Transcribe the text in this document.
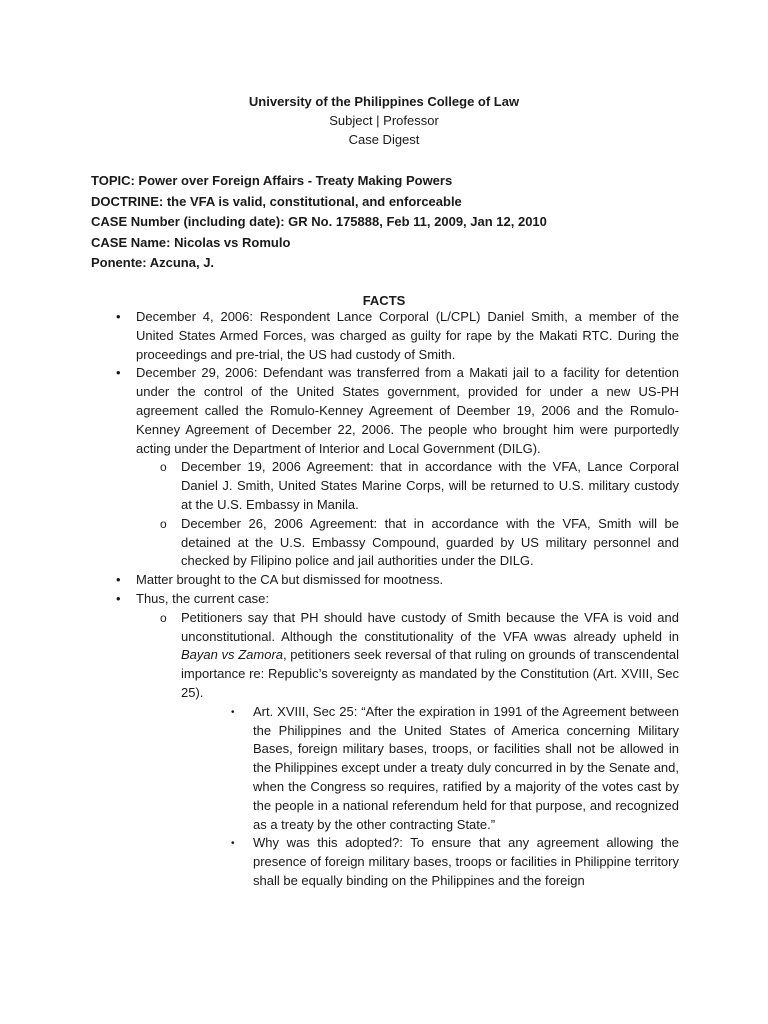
University of the Philippines College of Law
Subject | Professor
Case Digest
TOPIC: Power over Foreign Affairs - Treaty Making Powers
DOCTRINE: the VFA is valid, constitutional, and enforceable
CASE Number (including date): GR No. 175888, Feb 11, 2009, Jan 12, 2010
CASE Name: Nicolas vs Romulo
Ponente: Azcuna, J.
FACTS
•	December 4, 2006: Respondent Lance Corporal (L/CPL) Daniel Smith, a member of the United States Armed Forces, was charged as guilty for rape by the Makati RTC. During the proceedings and pre-trial, the US had custody of Smith.

•	December 29, 2006: Defendant was transferred from a Makati jail to a facility for detention under the control of the United States government, provided for under a new US-PH agreement called the Romulo-Kenney Agreement of Deember 19, 2006 and the Romulo-Kenney Agreement of December 22, 2006. The people who brought him were purportedly acting under the Department of Interior and Local Government (DILG).

o	December 19, 2006 Agreement: that in accordance with the VFA, Lance Corporal Daniel J. Smith, United States Marine Corps, will be returned to U.S. military custody at the U.S. Embassy in Manila.

o	December 26, 2006 Agreement: that in accordance with the VFA, Smith will be detained at the U.S. Embassy Compound, guarded by US military personnel and checked by Filipino police and jail authorities under the DILG.

•	Matter brought to the CA but dismissed for mootness.

•	Thus, the current case:

o	Petitioners say that PH should have custody of Smith because the VFA is void and unconstitutional. Although the constitutionality of the VFA wwas already upheld in Bayan vs Zamora, petitioners seek reversal of that ruling on grounds of transcendental importance re: Republic’s sovereignty as mandated by the Constitution (Art. XVIII, Sec 25).

•	Art. XVIII, Sec 25: “After the expiration in 1991 of the Agreement between the Philippines and the United States of America concerning Military Bases, foreign military bases, troops, or facilities shall not be allowed in the Philippines except under a treaty duly concurred in by the Senate and, when the Congress so requires, ratified by a majority of the votes cast by the people in a national referendum held for that purpose, and recognized as a treaty by the other contracting State.”

•	Why was this adopted?: To ensure that any agreement allowing the presence of foreign military bases, troops or facilities in Philippine territory shall be equally binding on the Philippines and the foreign
